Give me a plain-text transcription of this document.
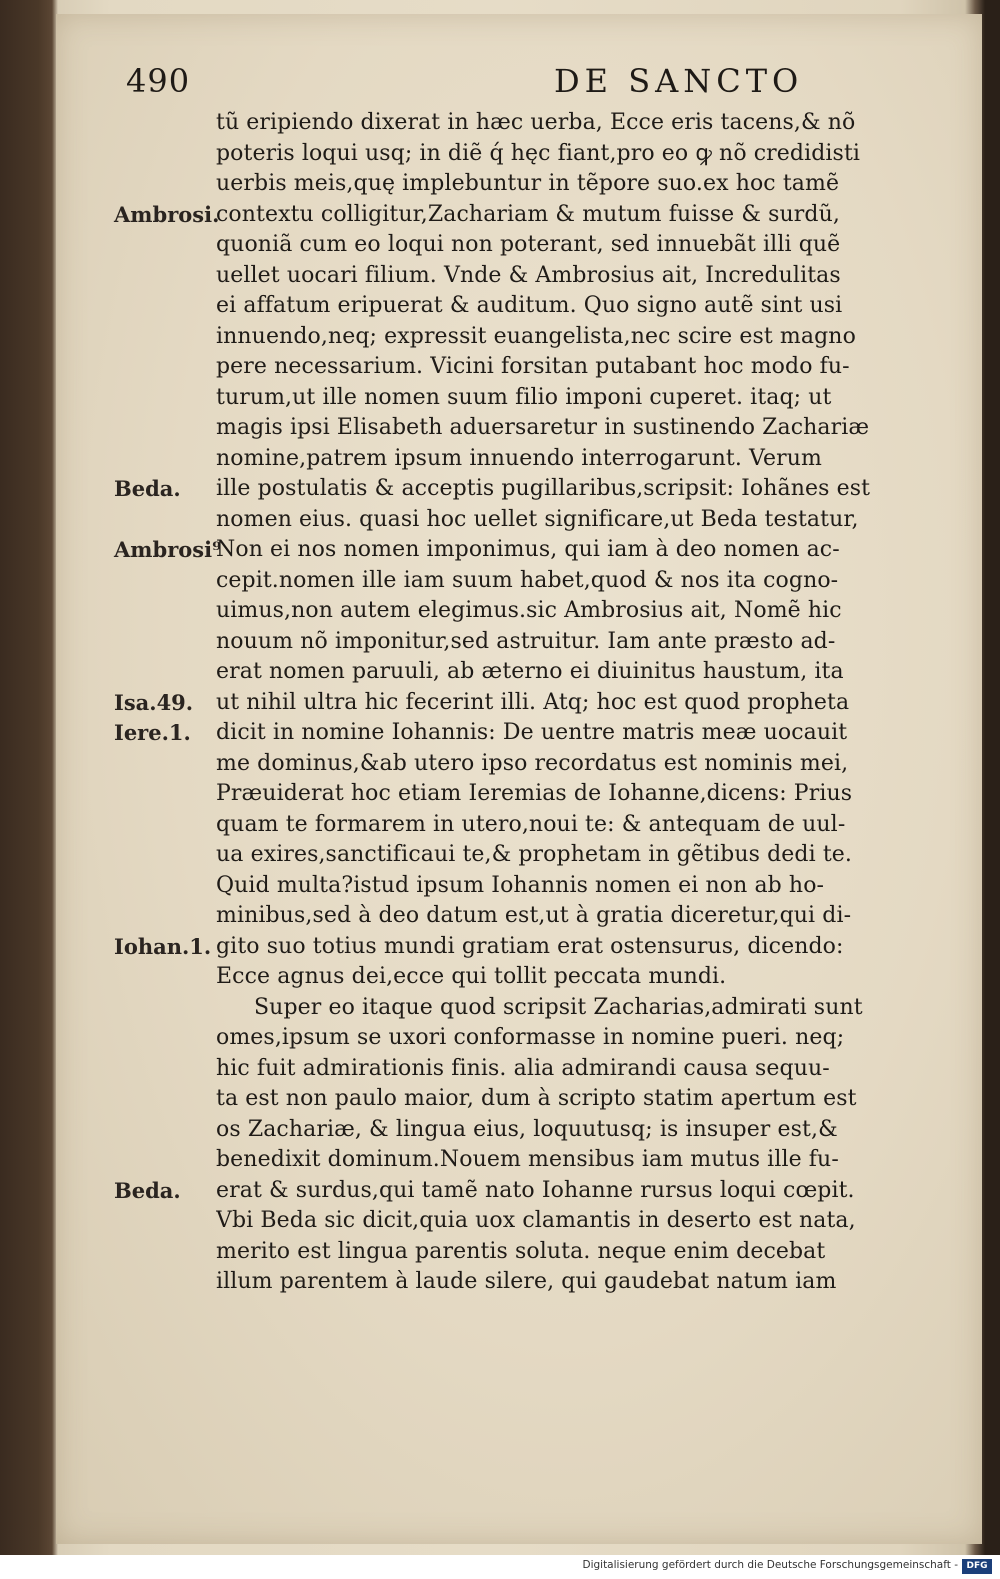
490	DE SANCTO
Ambrosi.
Beda.
Ambrosi⁹
Isa.49.
Iere.1.
Iohan.1.
Beda.
tũ eripiendo dixerat in hæc uerba, Ecce eris tacens,& nõ
poteris loqui usq; in diẽ q́ hęc fiant,pro eo ꝙ nõ credidisti
uerbis meis,quę implebuntur in tẽpore suo.ex hoc tamẽ
contextu colligitur,Zachariam & mutum fuisse & surdũ,
quoniã cum eo loqui non poterant, sed innuebãt illi quẽ
uellet uocari filium. Vnde & Ambrosius ait, Incredulitas
ei affatum eripuerat & auditum. Quo signo autẽ sint usi
innuendo,neq; expressit euangelista,nec scire est magno
pere necessarium. Vicini forsitan putabant hoc modo fu-
turum,ut ille nomen suum filio imponi cuperet. itaq; ut
magis ipsi Elisabeth aduersaretur in sustinendo Zachariæ
nomine,patrem ipsum innuendo interrogarunt. Verum
ille postulatis & acceptis pugillaribus,scripsit: Iohãnes est
nomen eius. quasi hoc uellet significare,ut Beda testatur,
Non ei nos nomen imponimus, qui iam à deo nomen ac-
cepit.nomen ille iam suum habet,quod & nos ita cogno-
uimus,non autem elegimus.sic Ambrosius ait, Nomẽ hic
nouum nõ imponitur,sed astruitur. Iam ante præsto ad-
erat nomen paruuli, ab æterno ei diuinitus haustum, ita
ut nihil ultra hic fecerint illi. Atq; hoc est quod propheta
dicit in nomine Iohannis: De uentre matris meæ uocauit
me dominus,&ab utero ipso recordatus est nominis mei,
Præuiderat hoc etiam Ieremias de Iohanne,dicens: Prius
quam te formarem in utero,noui te: & antequam de uul-
ua exires,sanctificaui te,& prophetam in gẽtibus dedi te.
Quid multa?istud ipsum Iohannis nomen ei non ab ho-
minibus,sed à deo datum est,ut à gratia diceretur,qui di-
gito suo totius mundi gratiam erat ostensurus, dicendo:
Ecce agnus dei,ecce qui tollit peccata mundi.
Super eo itaque quod scripsit Zacharias,admirati sunt
omes,ipsum se uxori conformasse in nomine pueri. neq;
hic fuit admirationis finis. alia admirandi causa sequu-
ta est non paulo maior, dum à scripto statim apertum est
os Zachariæ, & lingua eius, loquutusq; is insuper est,&
benedixit dominum.Nouem mensibus iam mutus ille fu-
erat & surdus,qui tamẽ nato Iohanne rursus loqui cœpit.
Vbi Beda sic dicit,quia uox clamantis in deserto est nata,
merito est lingua parentis soluta. neque enim decebat
illum parentem à laude silere, qui gaudebat natum iam
Digitalisierung gefördert durch die Deutsche Forschungsgemeinschaft - DFG
